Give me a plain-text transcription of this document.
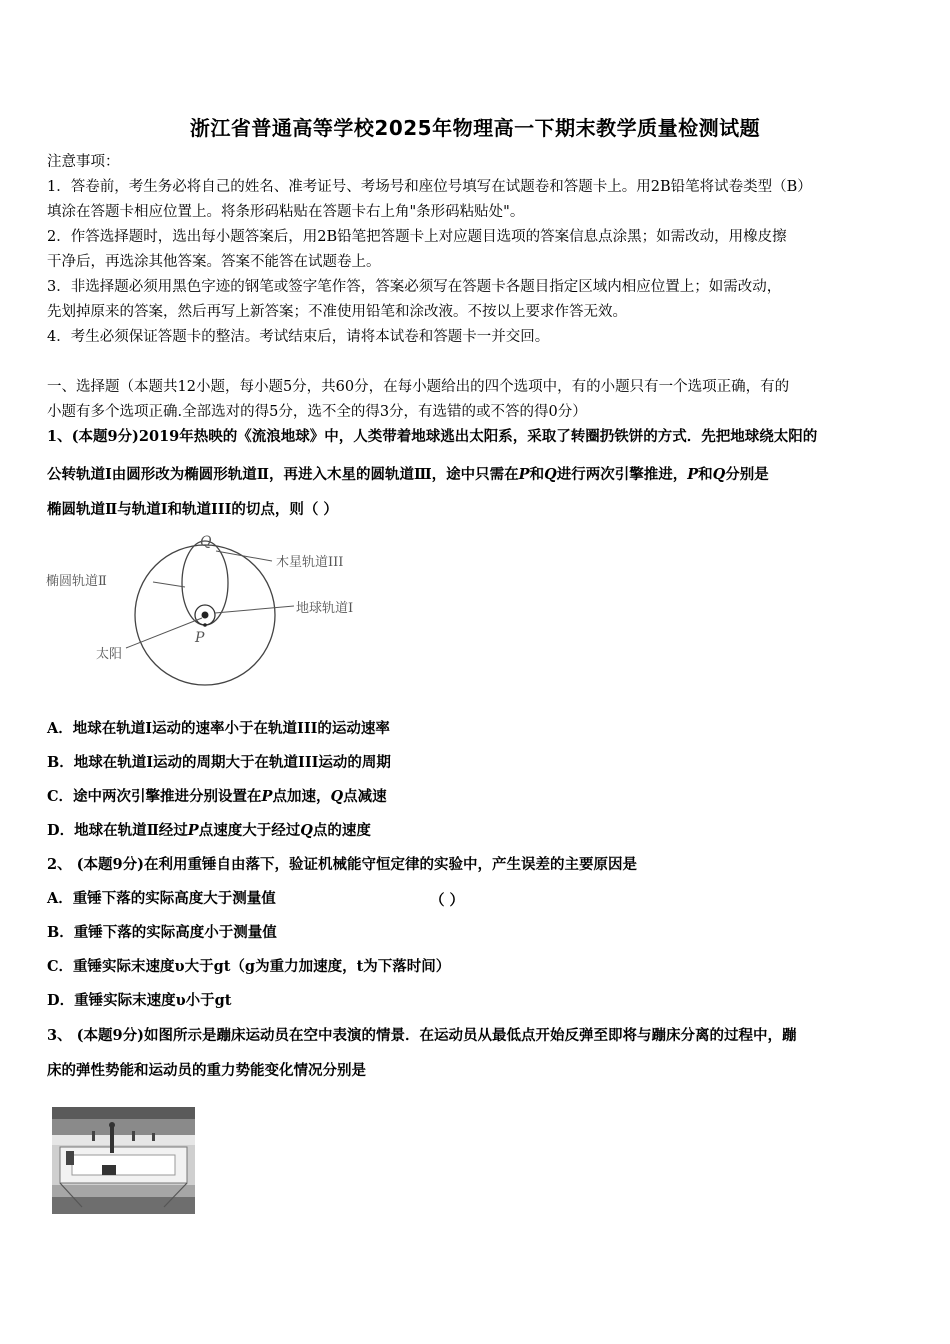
浙江省普通高等学校2025年物理高一下期末教学质量检测试题
注意事项：
1．答卷前，考生务必将自己的姓名、准考证号、考场号和座位号填写在试题卷和答题卡上。用2B铅笔将试卷类型（B）
填涂在答题卡相应位置上。将条形码粘贴在答题卡右上角"条形码粘贴处"。
2．作答选择题时，选出每小题答案后，用2B铅笔把答题卡上对应题目选项的答案信息点涂黑；如需改动，用橡皮擦
干净后，再选涂其他答案。答案不能答在试题卷上。
3．非选择题必须用黑色字迹的钢笔或签字笔作答，答案必须写在答题卡各题目指定区域内相应位置上；如需改动，
先划掉原来的答案，然后再写上新答案；不准使用铅笔和涂改液。不按以上要求作答无效。
4．考生必须保证答题卡的整洁。考试结束后，请将本试卷和答题卡一并交回。
一、选择题（本题共12小题，每小题5分，共60分，在每小题给出的四个选项中，有的小题只有一个选项正确，有的
小题有多个选项正确.全部选对的得5分，选不全的得3分，有选错的或不答的得0分）
1、(本题9分)2019年热映的《流浪地球》中，人类带着地球逃出太阳系，采取了转圈扔铁饼的方式．先把地球绕太阳的
公转轨道Ⅰ由圆形改为椭圆形轨道Ⅱ，再进入木星的圆轨道Ⅲ，途中只需在P和Q进行两次引擎推进，P和Q分别是
椭圆轨道Ⅱ与轨道Ⅰ和轨道III的切点，则（ ）
Q
P
木星轨道III
椭圆轨道Ⅱ
地球轨道Ⅰ
太阳
A．地球在轨道Ⅰ运动的速率小于在轨道III的运动速率
B．地球在轨道Ⅰ运动的周期大于在轨道III运动的周期
C．途中两次引擎推进分别设置在P点加速，Q点减速
D．地球在轨道Ⅱ经过P点速度大于经过Q点的速度
2、 (本题9分)在利用重锤自由落下，验证机械能守恒定律的实验中，产生误差的主要原因是
A．重锤下落的实际高度大于测量值	（ ）
B．重锤下落的实际高度小于测量值
C．重锤实际末速度υ大于gt（g为重力加速度，t为下落时间）
D．重锤实际末速度υ小于gt
3、 (本题9分)如图所示是蹦床运动员在空中表演的情景．在运动员从最低点开始反弹至即将与蹦床分离的过程中，蹦
床的弹性势能和运动员的重力势能变化情况分别是
